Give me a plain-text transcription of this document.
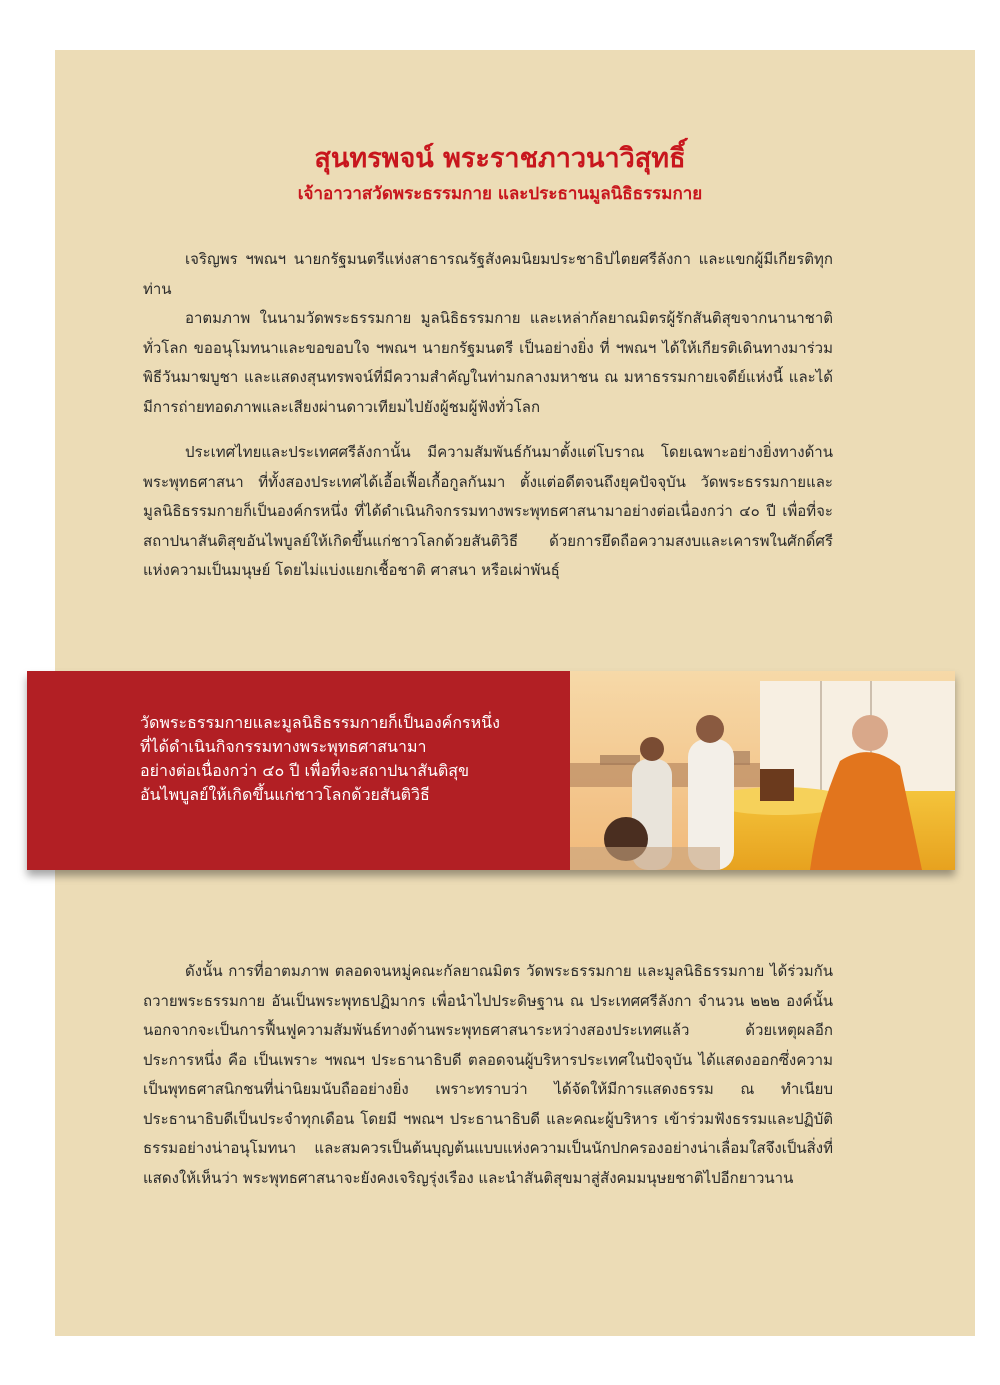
สุนทรพจน์ พระราชภาวนาวิสุทธิ์
เจ้าอาวาสวัดพระธรรมกาย และประธานมูลนิธิธรรมกาย

เจริญพร ฯพณฯ นายกรัฐมนตรีแห่งสาธารณรัฐสังคมนิยมประชาธิปไตยศรีลังกา และแขกผู้มีเกียรติทุกท่าน

อาตมภาพ ในนามวัดพระธรรมกาย มูลนิธิธรรมกาย และเหล่ากัลยาณมิตรผู้รักสันติสุขจากนานาชาติทั่วโลก ขออนุโมทนาและขอขอบใจ ฯพณฯ นายกรัฐมนตรี เป็นอย่างยิ่ง ที่ ฯพณฯ ได้ให้เกียรติเดินทางมาร่วมพิธีวันมาฆบูชา และแสดงสุนทรพจน์ที่มีความสำคัญในท่ามกลางมหาชน ณ มหาธรรมกายเจดีย์แห่งนี้ และได้มีการถ่ายทอดภาพและเสียงผ่านดาวเทียมไปยังผู้ชมผู้ฟังทั่วโลก

ประเทศไทยและประเทศศรีลังกานั้น มีความสัมพันธ์กันมาตั้งแต่โบราณ โดยเฉพาะอย่างยิ่งทางด้านพระพุทธศาสนา ที่ทั้งสองประเทศได้เอื้อเฟื้อเกื้อกูลกันมา ตั้งแต่อดีตจนถึงยุคปัจจุบัน วัดพระธรรมกายและมูลนิธิธรรมกายก็เป็นองค์กรหนึ่ง ที่ได้ดำเนินกิจกรรมทางพระพุทธศาสนามาอย่างต่อเนื่องกว่า ๔๐ ปี เพื่อที่จะสถาปนาสันติสุขอันไพบูลย์ให้เกิดขึ้นแก่ชาวโลกด้วยสันติวิธี ด้วยการยึดถือความสงบและเคารพในศักดิ์ศรีแห่งความเป็นมนุษย์ โดยไม่แบ่งแยกเชื้อชาติ ศาสนา หรือเผ่าพันธุ์

วัดพระธรรมกายและมูลนิธิธรรมกายก็เป็นองค์กรหนึ่ง
ที่ได้ดำเนินกิจกรรมทางพระพุทธศาสนามา
อย่างต่อเนื่องกว่า ๔๐ ปี เพื่อที่จะสถาปนาสันติสุข
อันไพบูลย์ให้เกิดขึ้นแก่ชาวโลกด้วยสันติวิธี

ดังนั้น การที่อาตมภาพ ตลอดจนหมู่คณะกัลยาณมิตร วัดพระธรรมกาย และมูลนิธิธรรมกาย ได้ร่วมกันถวายพระธรรมกาย อันเป็นพระพุทธปฏิมากร เพื่อนำไปประดิษฐาน ณ ประเทศศรีลังกา จำนวน ๒๒๒ องค์นั้น นอกจากจะเป็นการฟื้นฟูความสัมพันธ์ทางด้านพระพุทธศาสนาระหว่างสองประเทศแล้ว ด้วยเหตุผลอีกประการหนึ่ง คือ เป็นเพราะ ฯพณฯ ประธานาธิบดี ตลอดจนผู้บริหารประเทศในปัจจุบัน ได้แสดงออกซึ่งความเป็นพุทธศาสนิกชนที่น่านิยมนับถืออย่างยิ่ง เพราะทราบว่า ได้จัดให้มีการแสดงธรรม ณ ทำเนียบประธานาธิบดีเป็นประจำทุกเดือน โดยมี ฯพณฯ ประธานาธิบดี และคณะผู้บริหาร เข้าร่วมฟังธรรมและปฏิบัติธรรมอย่างน่าอนุโมทนา และสมควรเป็นต้นบุญต้นแบบแห่งความเป็นนักปกครองอย่างน่าเลื่อมใสจึงเป็นสิ่งที่แสดงให้เห็นว่า พระพุทธศาสนาจะยังคงเจริญรุ่งเรือง และนำสันติสุขมาสู่สังคมมนุษยชาติไปอีกยาวนาน
